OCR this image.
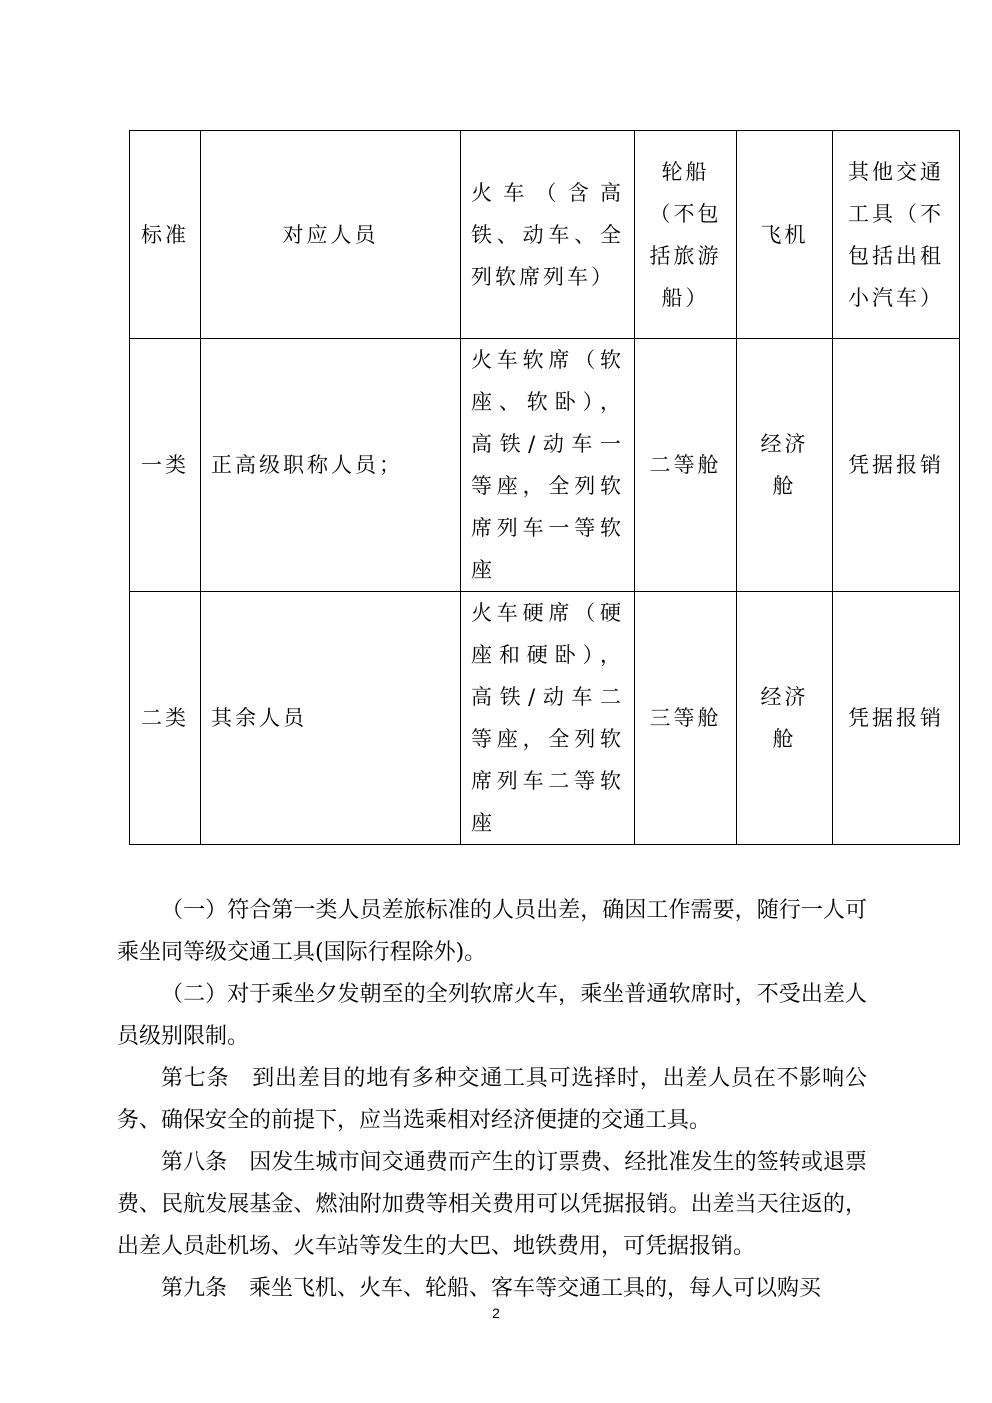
标准	对应人员	火车（含高铁、动车、全列软席列车）	轮船（不包括旅游船）	飞机	其他交通工具（不包括出租小汽车）
一类	正高级职称人员；	火车软席（软座、软卧），高铁/动车一等座，全列软席列车一等软座	二等舱	经济舱	凭据报销
二类	其余人员	火车硬席（硬座和硬卧），高铁/动车二等座，全列软席列车二等软座	三等舱	经济舱	凭据报销

（一）符合第一类人员差旅标准的人员出差，确因工作需要，随行一人可乘坐同等级交通工具(国际行程除外)。

（二）对于乘坐夕发朝至的全列软席火车，乘坐普通软席时，不受出差人员级别限制。

第七条　到出差目的地有多种交通工具可选择时，出差人员在不影响公务、确保安全的前提下，应当选乘相对经济便捷的交通工具。

第八条　因发生城市间交通费而产生的订票费、经批准发生的签转或退票费、民航发展基金、燃油附加费等相关费用可以凭据报销。出差当天往返的，出差人员赴机场、火车站等发生的大巴、地铁费用，可凭据报销。

第九条　乘坐飞机、火车、轮船、客车等交通工具的，每人可以购买

2
